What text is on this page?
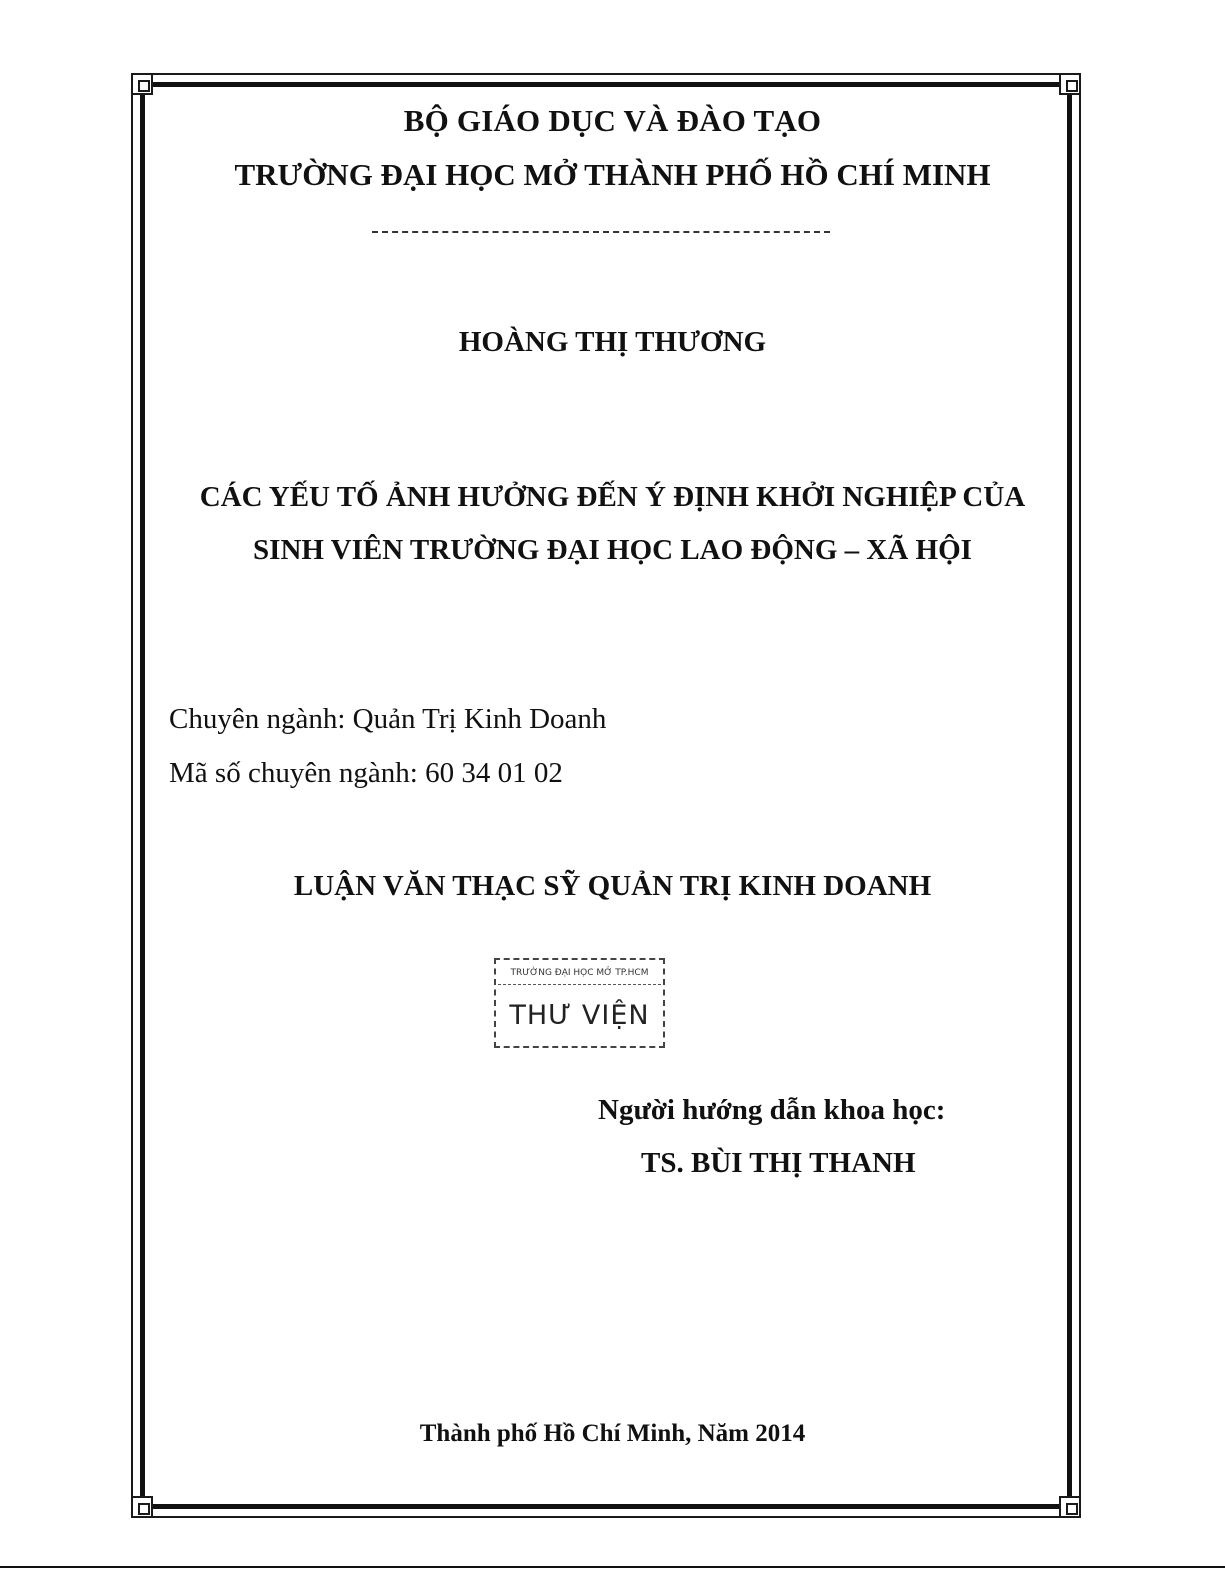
BỘ GIÁO DỤC VÀ ĐÀO TẠO
TRƯỜNG ĐẠI HỌC MỞ THÀNH PHỐ HỒ CHÍ MINH
HOÀNG THỊ THƯƠNG
CÁC YẾU TỐ ẢNH HƯỞNG ĐẾN Ý ĐỊNH KHỞI NGHIỆP CỦA
SINH VIÊN TRƯỜNG ĐẠI HỌC LAO ĐỘNG – XÃ HỘI
Chuyên ngành: Quản Trị Kinh Doanh
Mã số chuyên ngành: 60 34 01 02
LUẬN VĂN THẠC SỸ QUẢN TRỊ KINH DOANH
TRƯỜNG ĐẠI HỌC MỞ TP.HCM
THƯ VIỆN
Người hướng dẫn khoa học:
TS. BÙI THỊ THANH
Thành phố Hồ Chí Minh, Năm 2014
